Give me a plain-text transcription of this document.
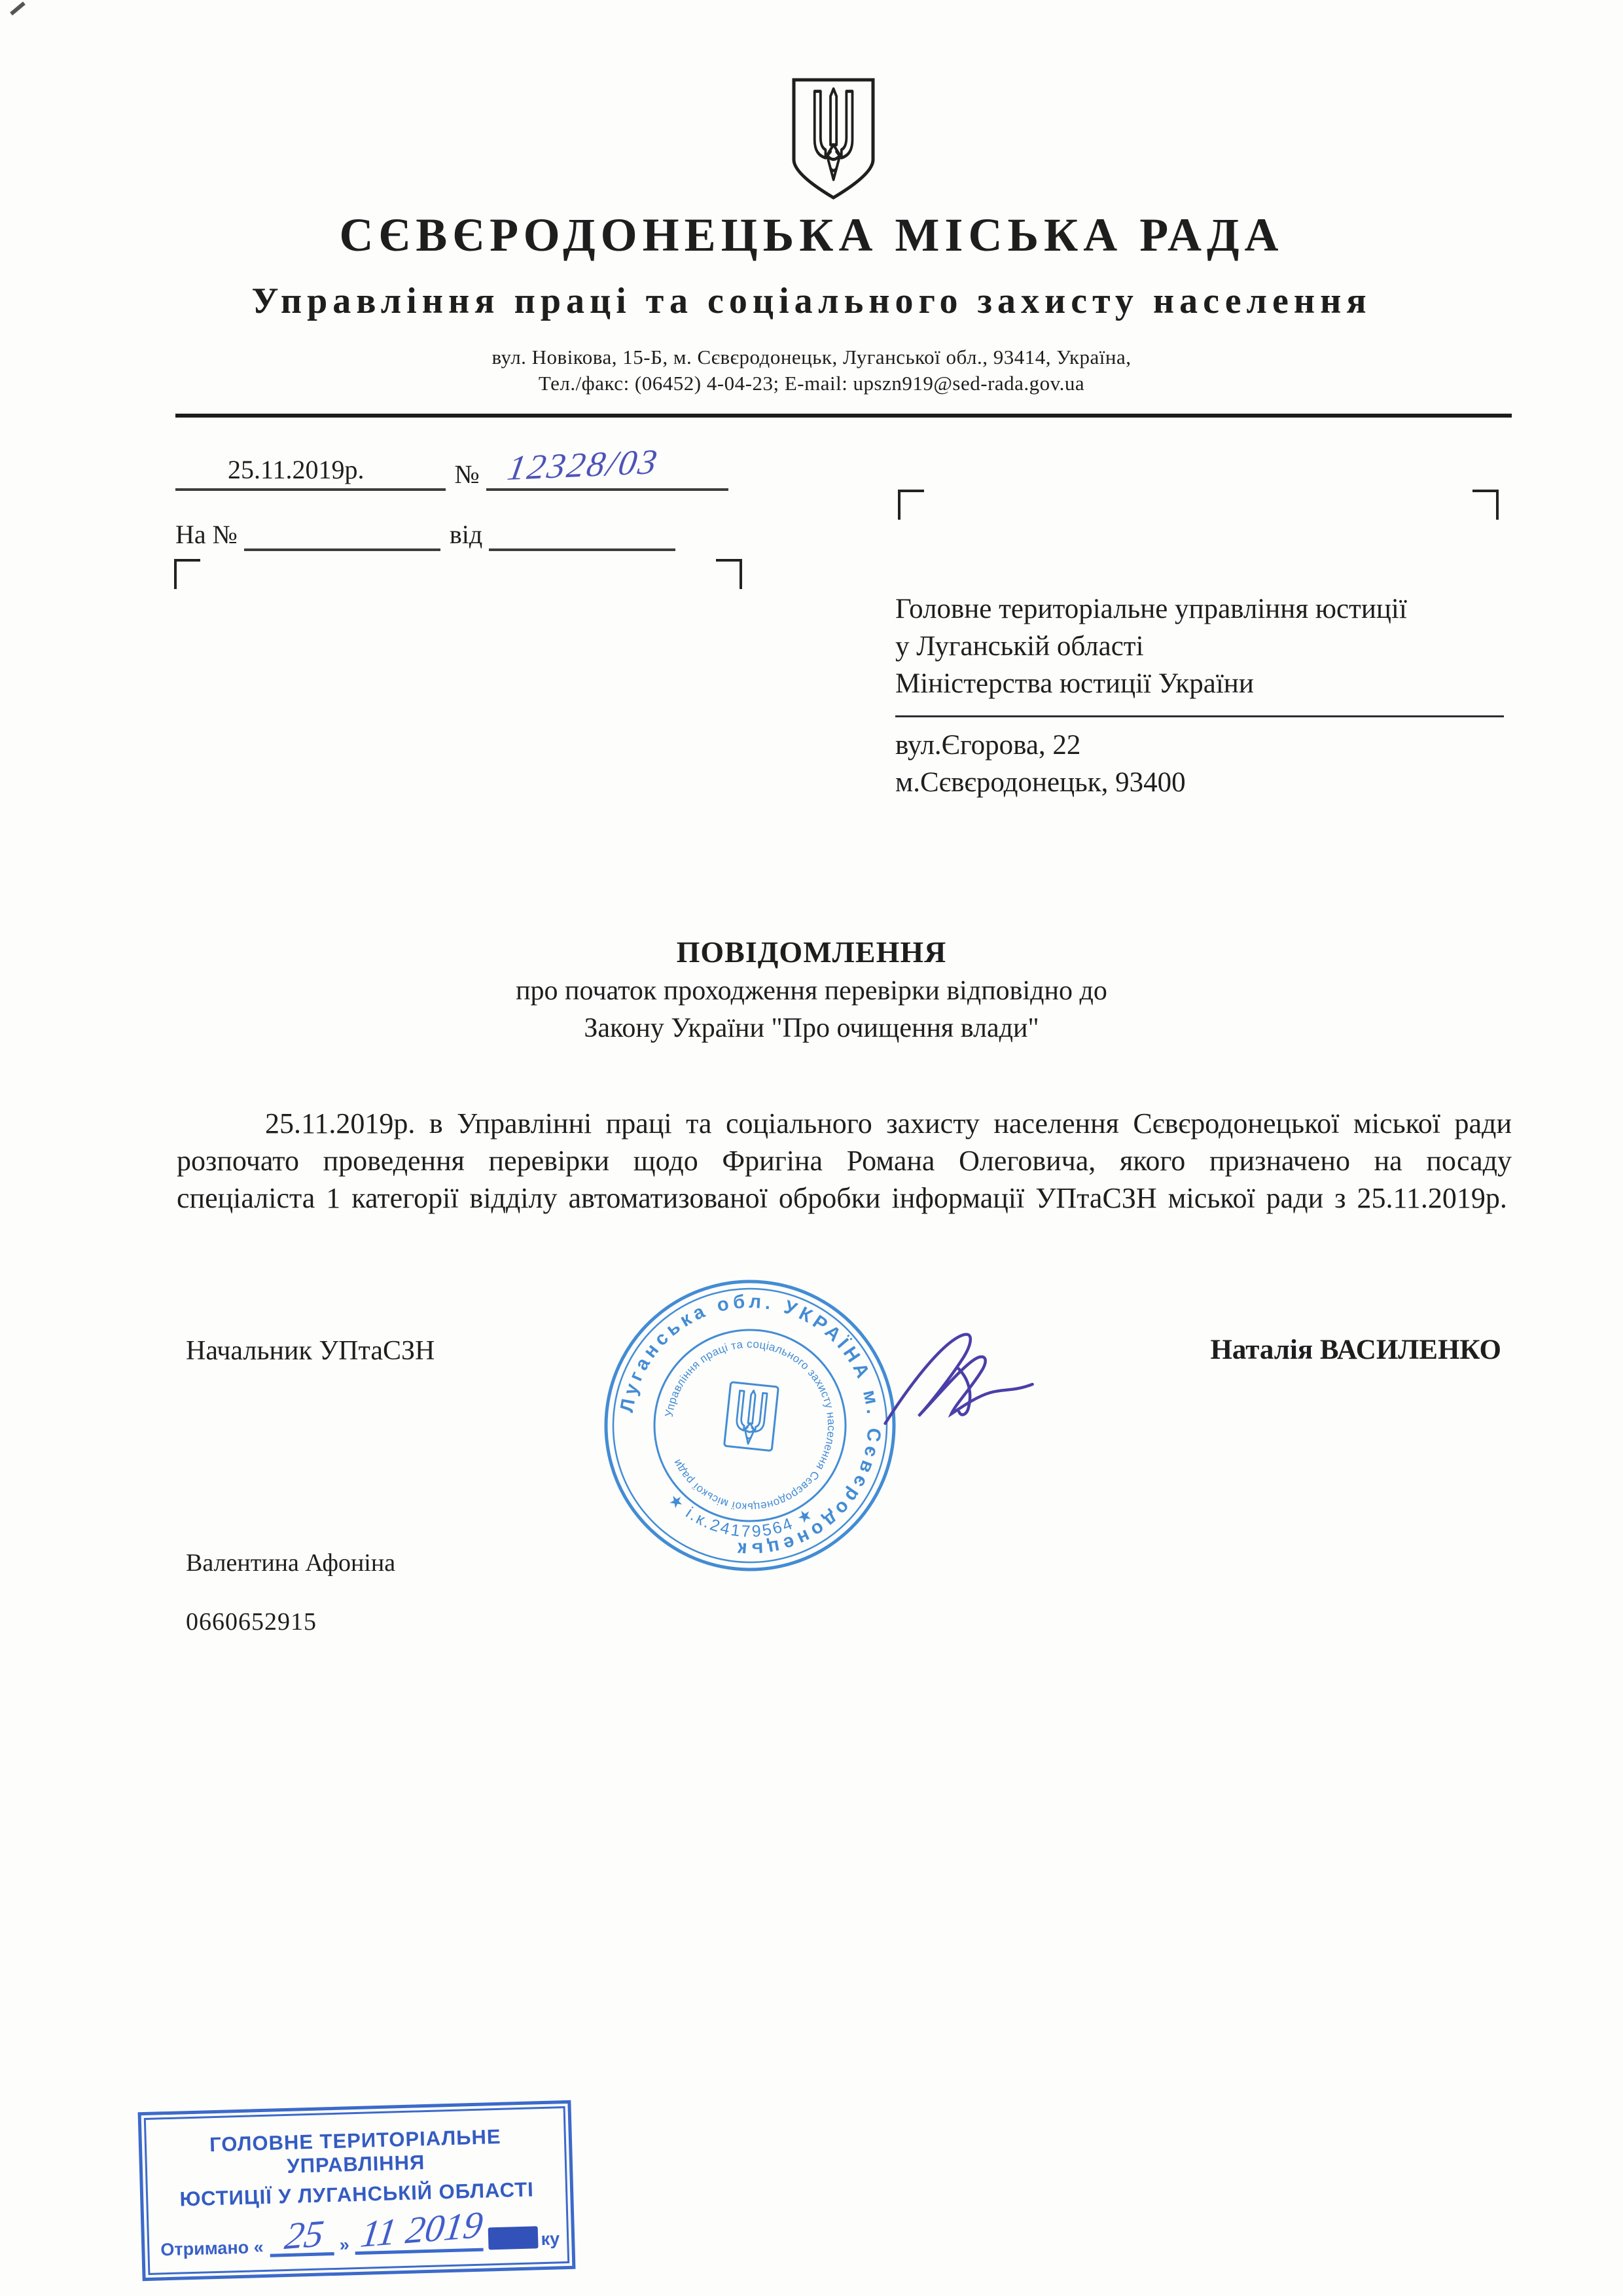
СЄВЄРОДОНЕЦЬКА МІСЬКА РАДА
Управління праці та соціального захисту населення
вул. Новікова, 15-Б, м. Сєвєродонецьк, Луганської обл., 93414, Україна,
Тел./факс: (06452) 4-04-23; E-mail: upszn919@sed-rada.gov.ua
25.11.2019р.	№ 12328/03
На №	від
Головне територіальне управління юстиції
у Луганській області
Міністерства юстиції України
вул.Єгорова, 22
м.Сєвєродонецьк, 93400
ПОВІДОМЛЕННЯ
про початок проходження перевірки відповідно до
Закону України "Про очищення влади"

25.11.2019р. в Управлінні праці та соціального захисту населення Сєвєродонецької міської ради розпочато проведення перевірки щодо Фригіна Романа Олеговича, якого призначено на посаду спеціаліста 1 категорії відділу автоматизованої обробки інформації УПтаСЗН міської ради з 25.11.2019р.

Начальник УПтаСЗН	Наталія ВАСИЛЕНКО
Луганська обл. УКРАЇНА м. Сєвєродонецьк
Управління праці та соціального захисту населення Сєвєродонецької міської ради
★ і.к.24179564 ★
Валентина Афоніна
0660652915
ГОЛОВНЕ ТЕРИТОРІАЛЬНЕ УПРАВЛІННЯ
ЮСТИЦІЇ У ЛУГАНСЬКІЙ ОБЛАСТІ
Отримано « 25 » 11 2019	ку
